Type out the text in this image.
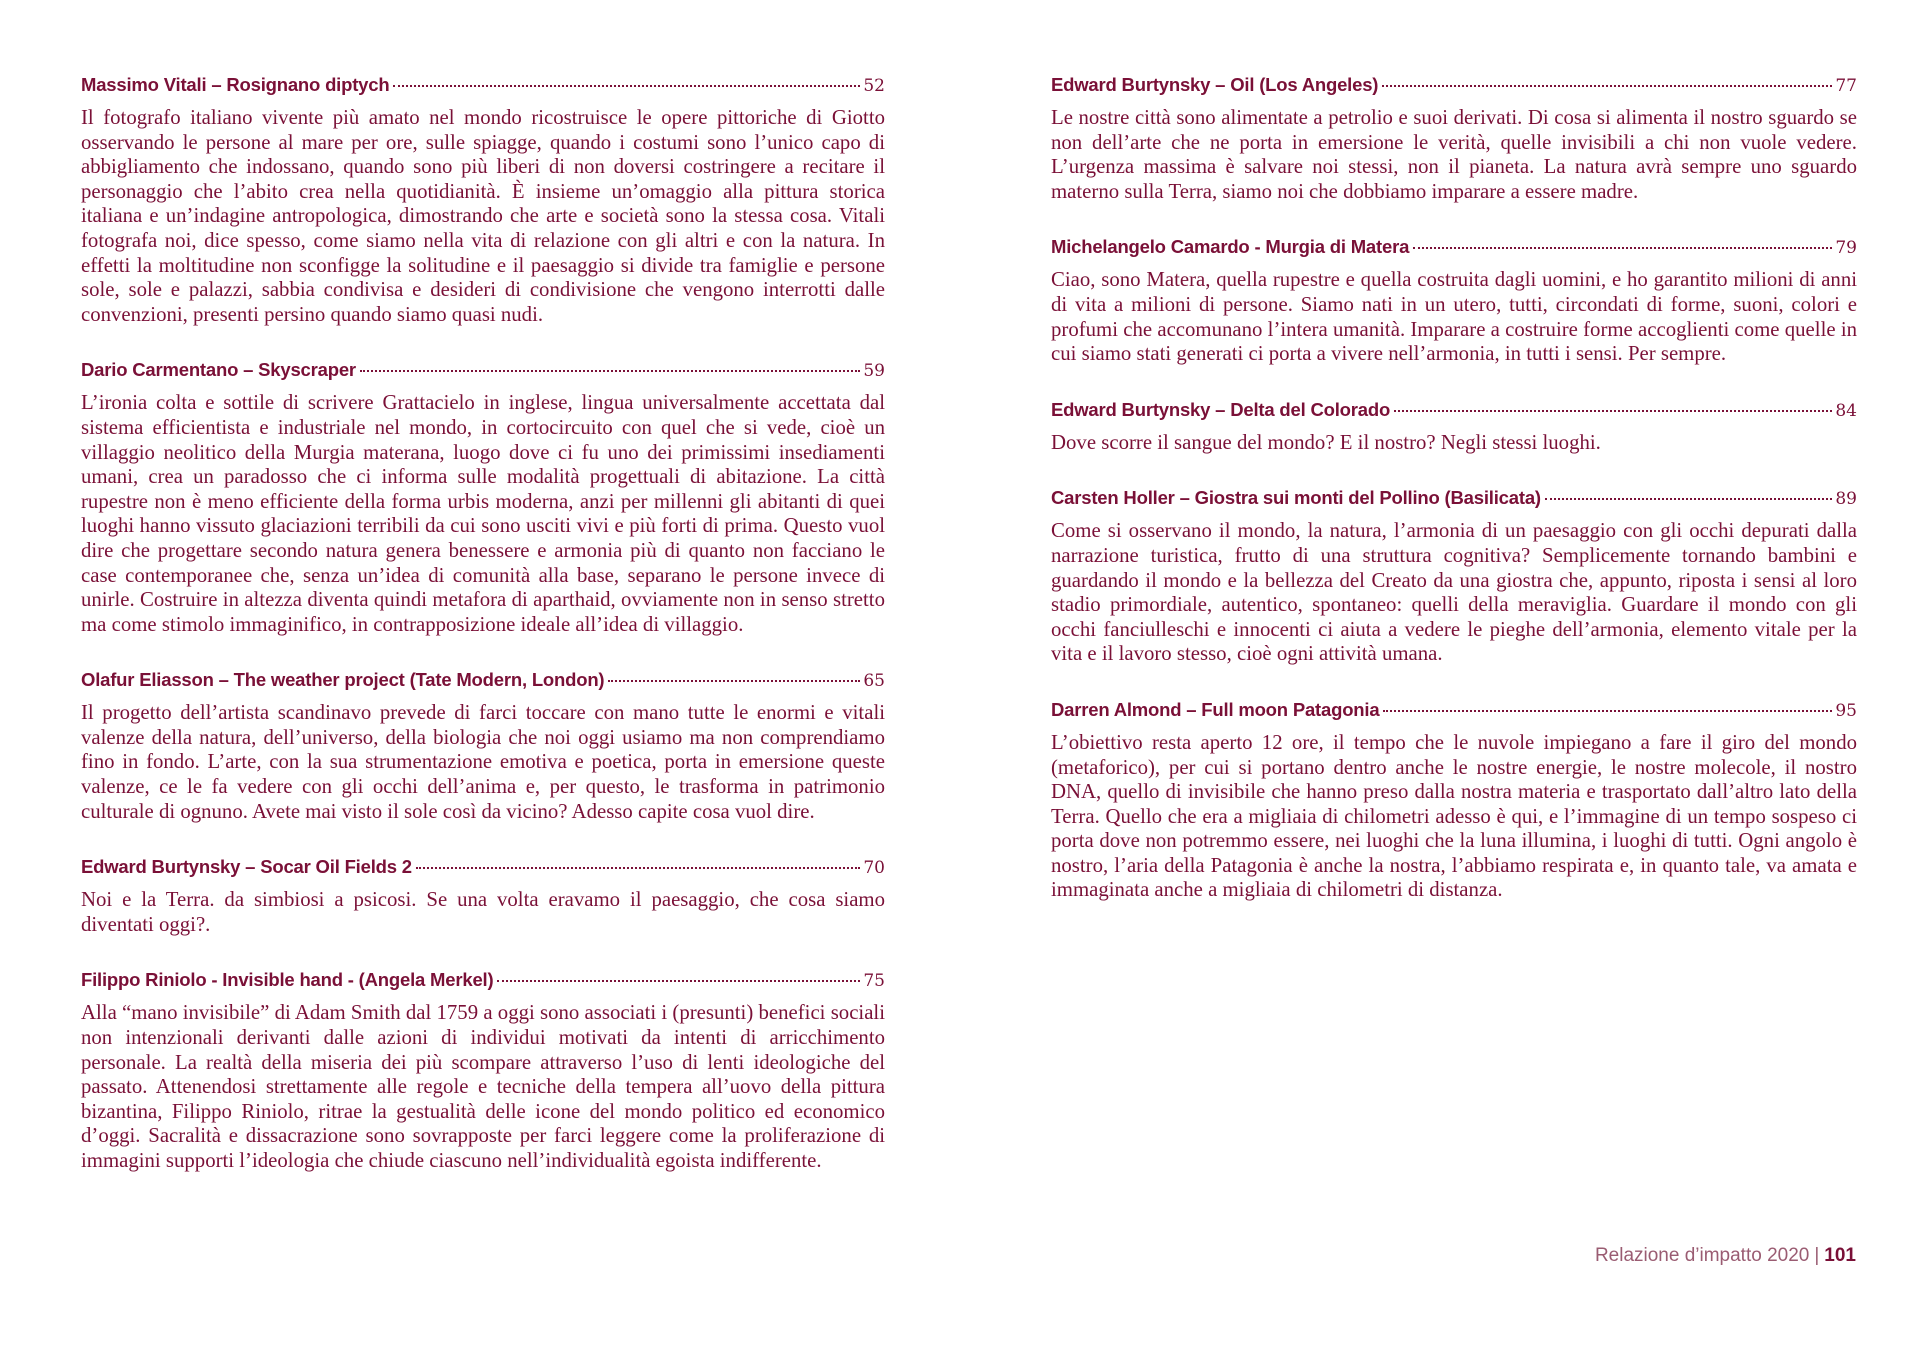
Massimo Vitali – Rosignano diptych	52

Il fotografo italiano vivente più amato nel mondo ricostruisce le opere pittoriche di Giotto osservando le persone al mare per ore, sulle spiagge, quando i costumi sono l’unico capo di abbigliamento che indossano, quando sono più liberi di non doversi costringere a recitare il personaggio che l’abito crea nella quotidianità. È insieme un’omaggio alla pittura storica italiana e un’indagine antropologica, dimostrando che arte e società sono la stessa cosa. Vitali fotografa noi, dice spesso, come siamo nella vita di relazione con gli altri e con la natura. In effetti la moltitudine non sconfigge la solitudine e il paesaggio si divide tra famiglie e persone sole, sole e palazzi, sabbia condivisa e desideri di condivisione che vengono interrotti dalle convenzioni, presenti persino quando siamo quasi nudi.

Dario Carmentano – Skyscraper	59

L’ironia colta e sottile di scrivere Grattacielo in inglese, lingua universalmente accettata dal sistema efficientista e industriale nel mondo, in cortocircuito con quel che si vede, cioè un villaggio neolitico della Murgia materana, luogo dove ci fu uno dei primissimi insediamenti umani, crea un paradosso che ci informa sulle modalità progettuali di abitazione. La città rupestre non è meno efficiente della forma urbis moderna, anzi per millenni gli abitanti di quei luoghi hanno vissuto glaciazioni terribili da cui sono usciti vivi e più forti di prima. Questo vuol dire che progettare secondo natura genera benessere e armonia più di quanto non facciano le case contemporanee che, senza un’idea di comunità alla base, separano le persone invece di unirle. Costruire in altezza diventa quindi metafora di aparthaid, ovviamente non in senso stretto ma come stimolo immaginifico, in contrapposizione ideale all’idea di villaggio.

Olafur Eliasson – The weather project (Tate Modern, London)	65

Il progetto dell’artista scandinavo prevede di farci toccare con mano tutte le enormi e vitali valenze della natura, dell’universo, della biologia che noi oggi usiamo ma non comprendiamo fino in fondo. L’arte, con la sua strumentazione emotiva e poetica, porta in emersione queste valenze, ce le fa vedere con gli occhi dell’anima e, per questo, le trasforma in patrimonio culturale di ognuno. Avete mai visto il sole così da vicino? Adesso capite cosa vuol dire.

Edward Burtynsky – Socar Oil Fields 2	70

Noi e la Terra. da simbiosi a psicosi. Se una volta eravamo il paesaggio, che cosa siamo diventati oggi?.

Filippo Riniolo - Invisible hand - (Angela Merkel)	75

Alla “mano invisibile” di Adam Smith dal 1759 a oggi sono associati i (presunti) benefici sociali non intenzionali derivanti dalle azioni di individui motivati da intenti di arricchimento personale. La realtà della miseria dei più scompare attraverso l’uso di lenti ideologiche del passato. Attenendosi strettamente alle regole e tecniche della tempera all’uovo della pittura bizantina, Filippo Riniolo, ritrae la gestualità delle icone del mondo politico ed economico d’oggi. Sacralità e dissacrazione sono sovrapposte per farci leggere come la proliferazione di immagini supporti l’ideologia che chiude ciascuno nell’individualità egoista indifferente.

Edward Burtynsky – Oil (Los Angeles)	77

Le nostre città sono alimentate a petrolio e suoi derivati. Di cosa si alimenta il nostro sguardo se non dell’arte che ne porta in emersione le verità, quelle invisibili a chi non vuole vedere. L’urgenza massima è salvare noi stessi, non il pianeta. La natura avrà sempre uno sguardo materno sulla Terra, siamo noi che dobbiamo imparare a essere madre.

Michelangelo Camardo - Murgia di Matera	79

Ciao, sono Matera, quella rupestre e quella costruita dagli uomini, e ho garantito milioni di anni di vita a milioni di persone. Siamo nati in un utero, tutti, circondati di forme, suoni, colori e profumi che accomunano l’intera umanità. Imparare a costruire forme accoglienti come quelle in cui siamo stati generati ci porta a vivere nell’armonia, in tutti i sensi. Per sempre.

Edward Burtynsky – Delta del Colorado	84

Dove scorre il sangue del mondo? E il nostro? Negli stessi luoghi.

Carsten Holler – Giostra sui monti del Pollino (Basilicata)	89

Come si osservano il mondo, la natura, l’armonia di un paesaggio con gli occhi depurati dalla narrazione turistica, frutto di una struttura cognitiva? Semplicemente tornando bambini e guardando il mondo e la bellezza del Creato da una giostra che, appunto, riposta i sensi al loro stadio primordiale, autentico, spontaneo: quelli della meraviglia. Guardare il mondo con gli occhi fanciulleschi e innocenti ci aiuta a vedere le pieghe dell’armonia, elemento vitale per la vita e il lavoro stesso, cioè ogni attività umana.

Darren Almond – Full moon Patagonia	95

L’obiettivo resta aperto 12 ore, il tempo che le nuvole impiegano a fare il giro del mondo (metaforico), per cui si portano dentro anche le nostre energie, le nostre molecole, il nostro DNA, quello di invisibile che hanno preso dalla nostra materia e trasportato dall’altro lato della Terra. Quello che era a migliaia di chilometri adesso è qui, e l’immagine di un tempo sospeso ci porta dove non potremmo essere, nei luoghi che la luna illumina, i luoghi di tutti. Ogni angolo è nostro, l’aria della Patagonia è anche la nostra, l’abbiamo respirata e, in quanto tale, va amata e immaginata anche a migliaia di chilometri di distanza.

Relazione d’impatto 2020 | 101
